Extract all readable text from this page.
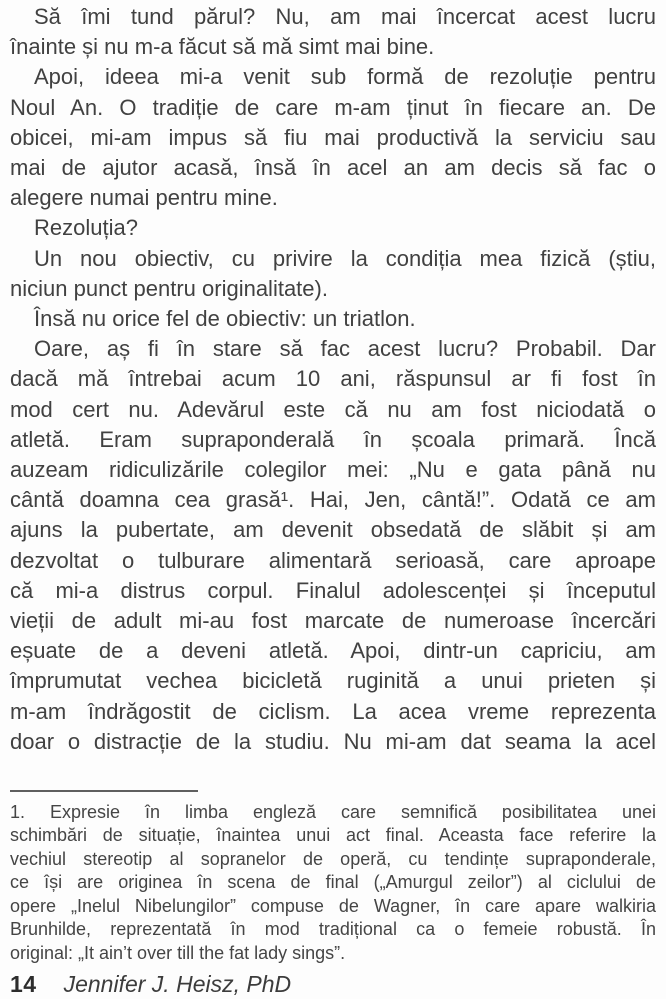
Să îmi tund părul? Nu, am mai încercat acest lucru
înainte și nu m-a făcut să mă simt mai bine.
Apoi, ideea mi-a venit sub formă de rezoluție pentru
Noul An. O tradiție de care m-am ținut în fiecare an. De
obicei, mi-am impus să fiu mai productivă la serviciu sau
mai de ajutor acasă, însă în acel an am decis să fac o
alegere numai pentru mine.
Rezoluția?
Un nou obiectiv, cu privire la condiția mea fizică (știu,
niciun punct pentru originalitate).
Însă nu orice fel de obiectiv: un triatlon.
Oare, aș fi în stare să fac acest lucru? Probabil. Dar
dacă mă întrebai acum 10 ani, răspunsul ar fi fost în
mod cert nu. Adevărul este că nu am fost niciodată o
atletă. Eram supraponderală în școala primară. Încă
auzeam ridiculizările colegilor mei: „Nu e gata până nu
cântă doamna cea grasă¹. Hai, Jen, cântă!”. Odată ce am
ajuns la pubertate, am devenit obsedată de slăbit și am
dezvoltat o tulburare alimentară serioasă, care aproape
că mi-a distrus corpul. Finalul adolescenței și începutul
vieții de adult mi-au fost marcate de numeroase încercări
eșuate de a deveni atletă. Apoi, dintr-un capriciu, am
împrumutat vechea bicicletă ruginită a unui prieten și
m-am îndrăgostit de ciclism. La acea vreme reprezenta
doar o distracție de la studiu. Nu mi-am dat seama la acel
1. Expresie în limba engleză care semnifică posibilitatea unei
schimbări de situație, înaintea unui act final. Aceasta face referire la
vechiul stereotip al sopranelor de operă, cu tendințe supraponderale,
ce își are originea în scena de final („Amurgul zeilor”) al ciclului de
opere „Inelul Nibelungilor” compuse de Wagner, în care apare walkiria
Brunhilde, reprezentată în mod tradițional ca o femeie robustă. În
original: „It ain’t over till the fat lady sings”.
14 Jennifer J. Heisz, PhD
